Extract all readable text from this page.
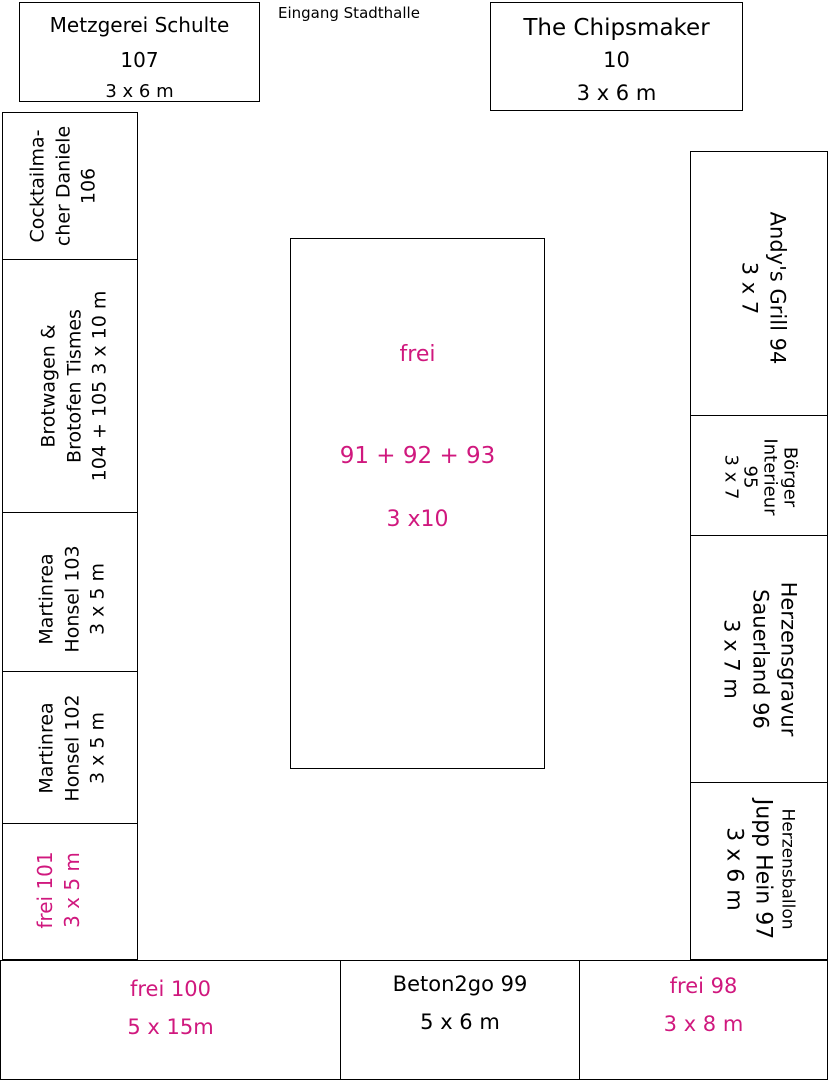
Eingang Stadthalle
Metzgerei Schulte
107
3 x 6 m
The Chipsmaker
10
3 x 6 m
Cocktailma- cher Daniele 106
Brotwagen & Brotofen Tismes 104 + 105 3 x 10 m
Martinrea Honsel 103 3 x 5 m
Martinrea Honsel 102 3 x 5 m
frei 101 3 x 5 m
frei
91 + 92 + 93
3 x10
Andy's Grill 94
3 x 7
Börger
Interieur
95
3 x 7
Herzensgravur
Sauerland 96
3 x 7 m
Herzensballon
Jupp Hein 97
3 x 6 m
frei 100
5 x 15m
Beton2go 99
5 x 6 m
frei 98
3 x 8 m
